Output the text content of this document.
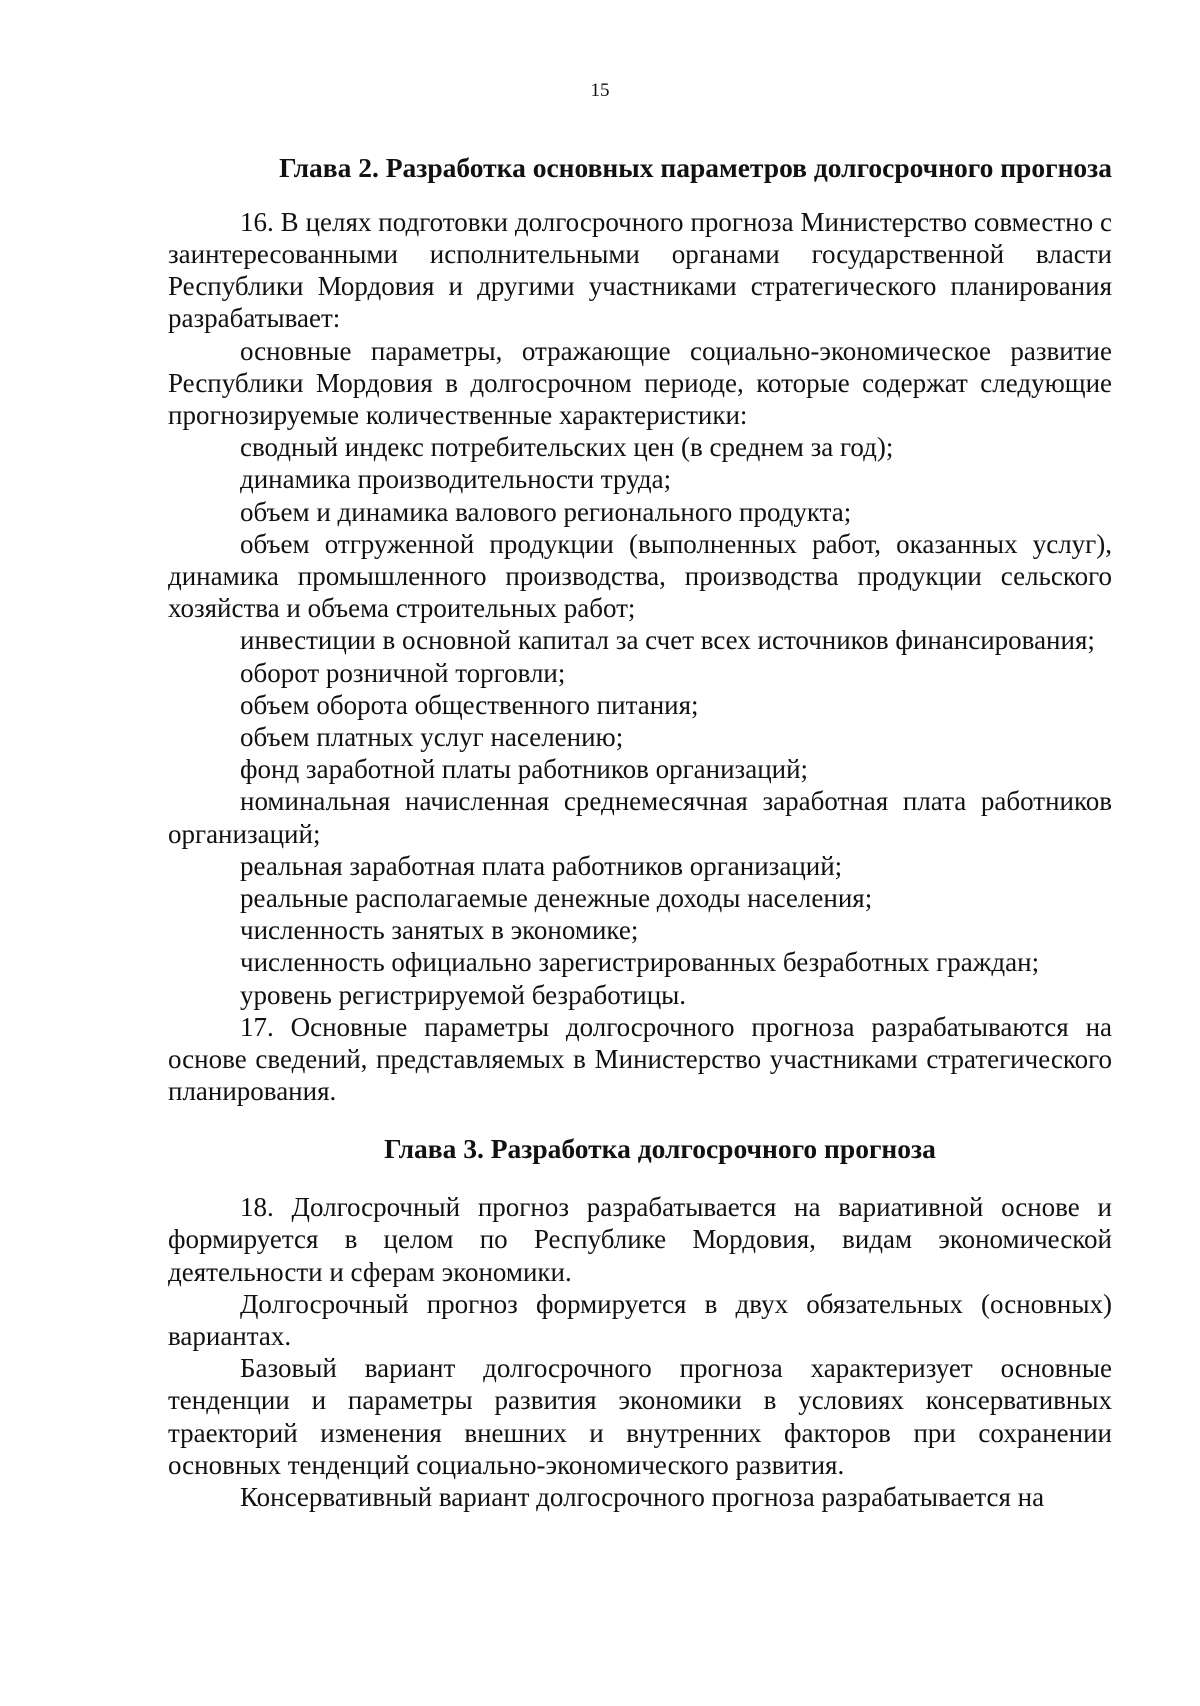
15
Глава 2. Разработка основных параметров долгосрочного прогноза

16. В целях подготовки долгосрочного прогноза Министерство совместно с заинтересованными исполнительными органами государственной власти Республики Мордовия и другими участниками стратегического планирования разрабатывает:

основные параметры, отражающие социально-экономическое развитие Республики Мордовия в долгосрочном периоде, которые содержат следующие прогнозируемые количественные характеристики:

сводный индекс потребительских цен (в среднем за год);

динамика производительности труда;

объем и динамика валового регионального продукта;

объем отгруженной продукции (выполненных работ, оказанных услуг), динамика промышленного производства, производства продукции сельского хозяйства и объема строительных работ;

инвестиции в основной капитал за счет всех источников финансирования;

оборот розничной торговли;

объем оборота общественного питания;

объем платных услуг населению;

фонд заработной платы работников организаций;

номинальная начисленная среднемесячная заработная плата работников организаций;

реальная заработная плата работников организаций;

реальные располагаемые денежные доходы населения;

численность занятых в экономике;

численность официально зарегистрированных безработных граждан;

уровень регистрируемой безработицы.

17. Основные параметры долгосрочного прогноза разрабатываются на основе сведений, представляемых в Министерство участниками стратегического планирования.

Глава 3. Разработка долгосрочного прогноза

18. Долгосрочный прогноз разрабатывается на вариативной основе и формируется в целом по Республике Мордовия, видам экономической деятельности и сферам экономики.

Долгосрочный прогноз формируется в двух обязательных (основных) вариантах.

Базовый вариант долгосрочного прогноза характеризует основные тенденции и параметры развития экономики в условиях консервативных траекторий изменения внешних и внутренних факторов при сохранении основных тенденций социально-экономического развития.

Консервативный вариант долгосрочного прогноза разрабатывается на
